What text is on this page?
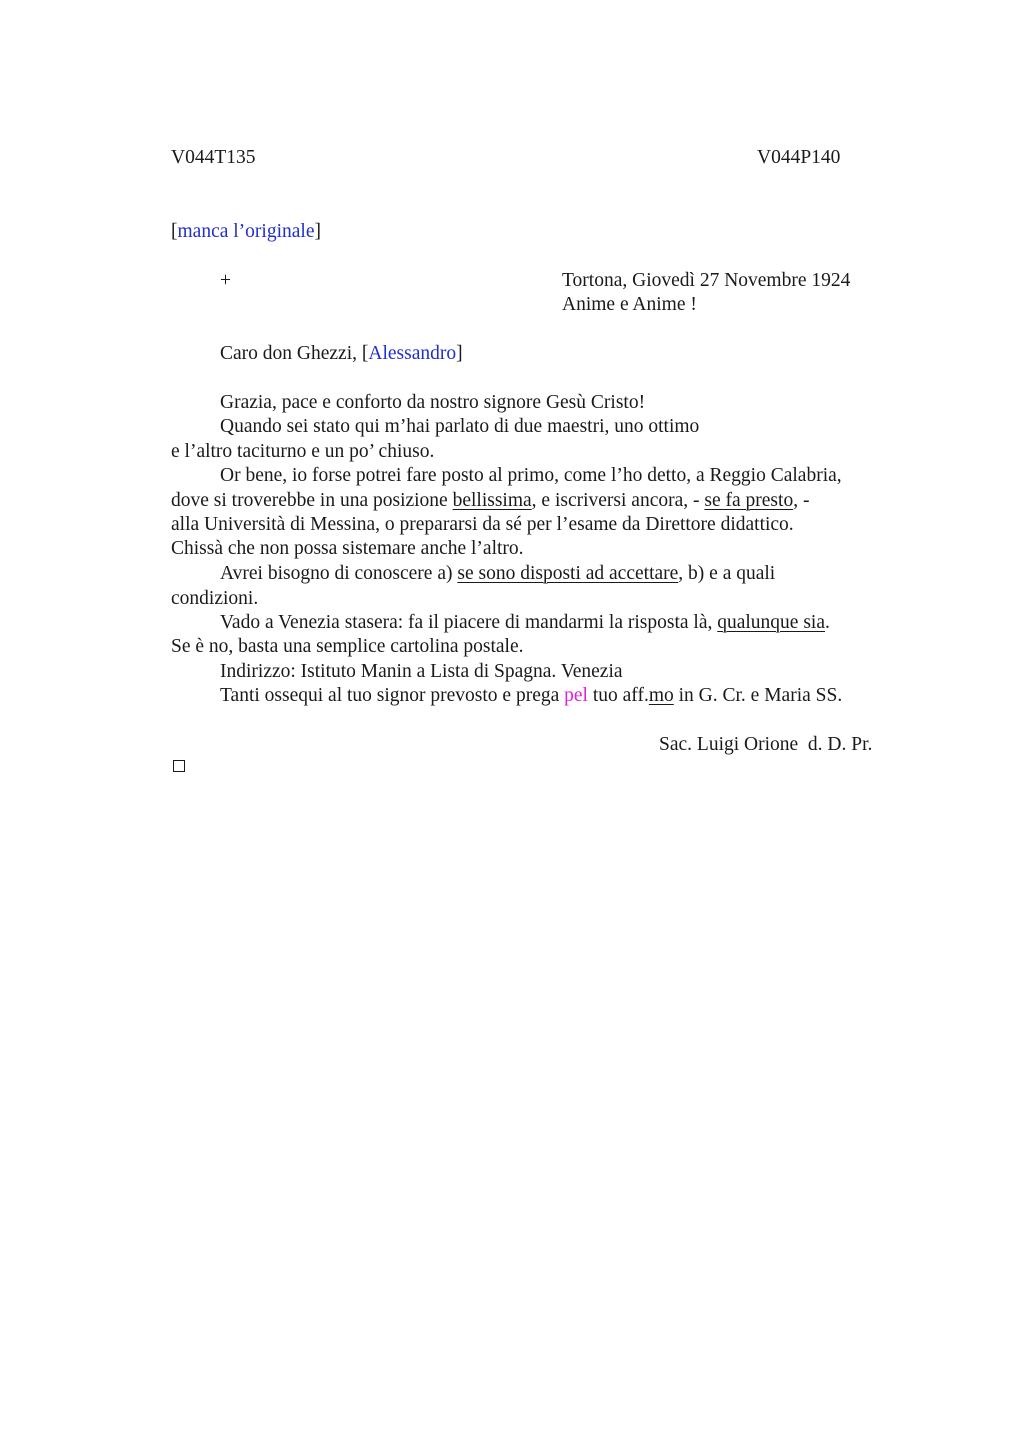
V044T135	V044P140
[manca l’originale]
+	Tortona, Giovedì 27 Novembre 1924
Anime e Anime !
Caro don Ghezzi, [Alessandro]
Grazia, pace e conforto da nostro signore Gesù Cristo!
Quando sei stato qui m’hai parlato di due maestri, uno ottimo
e l’altro taciturno e un po’ chiuso.
Or bene, io forse potrei fare posto al primo, come l’ho detto, a Reggio Calabria,
dove si troverebbe in una posizione bellissima, e iscriversi ancora, - se fa presto, -
alla Università di Messina, o prepararsi da sé per l’esame da Direttore didattico.
Chissà che non possa sistemare anche l’altro.
Avrei bisogno di conoscere a) se sono disposti ad accettare, b) e a quali
condizioni.
Vado a Venezia stasera: fa il piacere di mandarmi la risposta là, qualunque sia.
Se è no, basta una semplice cartolina postale.
Indirizzo: Istituto Manin a Lista di Spagna. Venezia
Tanti ossequi al tuo signor prevosto e prega pel tuo aff.mo in G. Cr. e Maria SS.
Sac. Luigi Orione  d. D. Pr.
